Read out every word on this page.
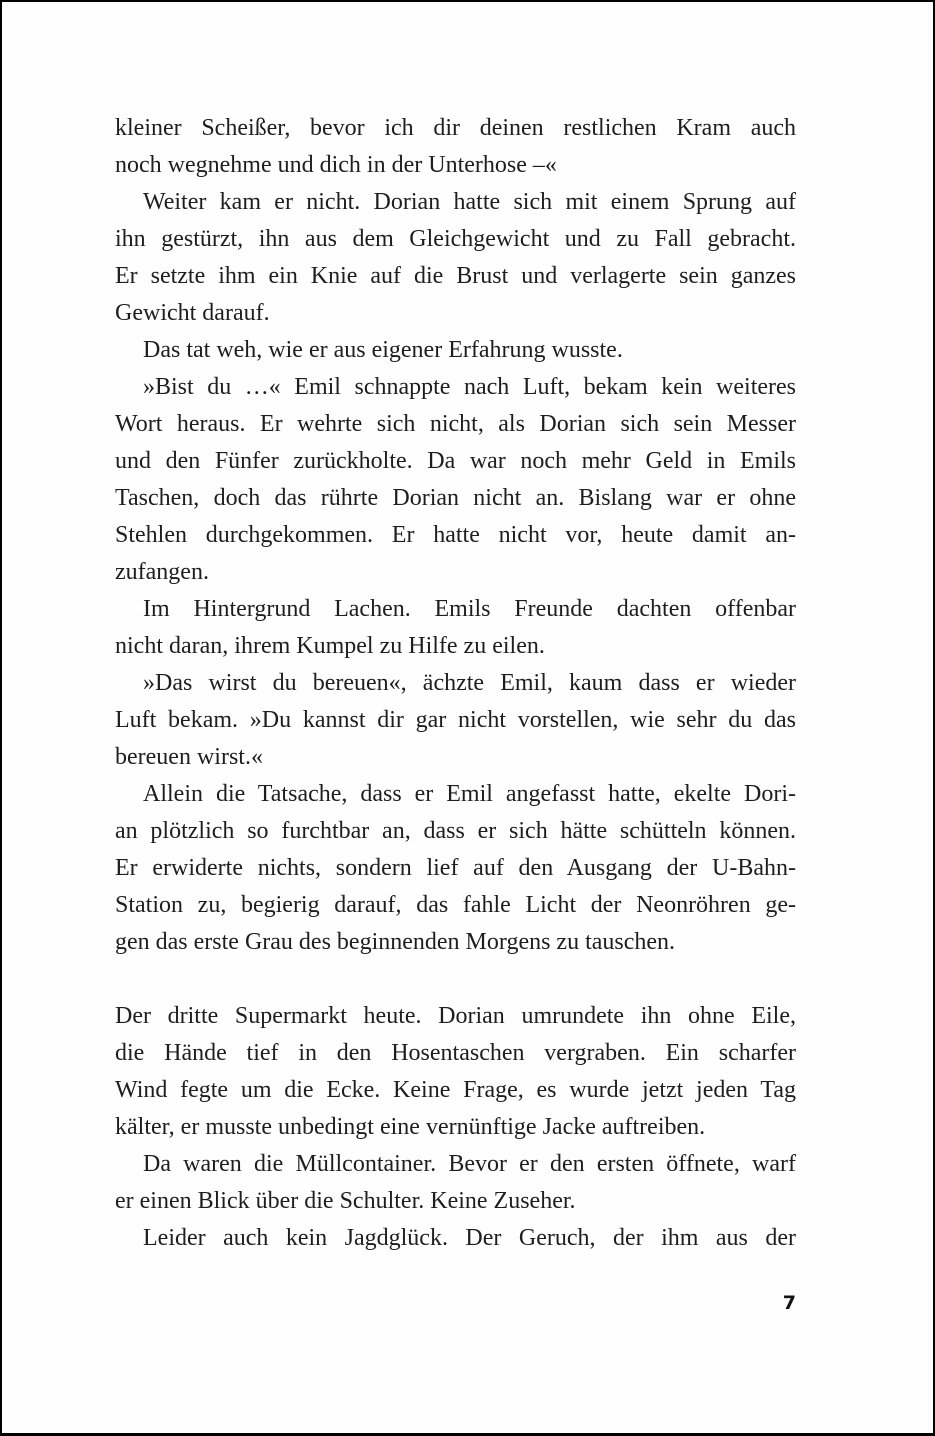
kleiner Scheißer, bevor ich dir deinen restlichen Kram auch
noch wegnehme und dich in der Unterhose –«
Weiter kam er nicht. Dorian hatte sich mit einem Sprung auf
ihn gestürzt, ihn aus dem Gleichgewicht und zu Fall gebracht.
Er setzte ihm ein Knie auf die Brust und verlagerte sein ganzes
Gewicht darauf.
Das tat weh, wie er aus eigener Erfahrung wusste.
»Bist du …« Emil schnappte nach Luft, bekam kein weiteres
Wort heraus. Er wehrte sich nicht, als Dorian sich sein Messer
und den Fünfer zurückholte. Da war noch mehr Geld in Emils
Taschen, doch das rührte Dorian nicht an. Bislang war er ohne
Stehlen durchgekommen. Er hatte nicht vor, heute damit an-
zufangen.
Im Hintergrund Lachen. Emils Freunde dachten offenbar
nicht daran, ihrem Kumpel zu Hilfe zu eilen.
»Das wirst du bereuen«, ächzte Emil, kaum dass er wieder
Luft bekam. »Du kannst dir gar nicht vorstellen, wie sehr du das
bereuen wirst.«
Allein die Tatsache, dass er Emil angefasst hatte, ekelte Dori-
an plötzlich so furchtbar an, dass er sich hätte schütteln können.
Er erwiderte nichts, sondern lief auf den Ausgang der U-Bahn-
Station zu, begierig darauf, das fahle Licht der Neonröhren ge-
gen das erste Grau des beginnenden Morgens zu tauschen.
Der dritte Supermarkt heute. Dorian umrundete ihn ohne Eile,
die Hände tief in den Hosentaschen vergraben. Ein scharfer
Wind fegte um die Ecke. Keine Frage, es wurde jetzt jeden Tag
kälter, er musste unbedingt eine vernünftige Jacke auftreiben.
Da waren die Müllcontainer. Bevor er den ersten öffnete, warf
er einen Blick über die Schulter. Keine Zuseher.
Leider auch kein Jagdglück. Der Geruch, der ihm aus der
7
